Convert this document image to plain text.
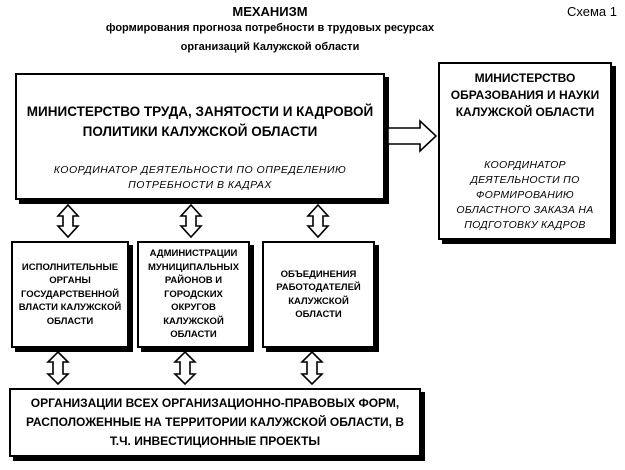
МЕХАНИЗМ
формирования прогноза потребности в трудовых ресурсах
организаций Калужской области
Схема 1
МИНИСТЕРСТВО ТРУДА, ЗАНЯТОСТИ И КАДРОВОЙ ПОЛИТИКИ КАЛУЖСКОЙ ОБЛАСТИ
КООРДИНАТОР ДЕЯТЕЛЬНОСТИ ПО ОПРЕДЕЛЕНИЮ ПОТРЕБНОСТИ В КАДРАХ
МИНИСТЕРСТВО ОБРАЗОВАНИЯ И НАУКИ КАЛУЖСКОЙ ОБЛАСТИ
КООРДИНАТОР ДЕЯТЕЛЬНОСТИ ПО ФОРМИРОВАНИЮ ОБЛАСТНОГО ЗАКАЗА НА ПОДГОТОВКУ КАДРОВ
ИСПОЛНИТЕЛЬНЫЕ ОРГАНЫ ГОСУДАРСТВЕННОЙ ВЛАСТИ КАЛУЖСКОЙ ОБЛАСТИ
АДМИНИСТРАЦИИ МУНИЦИПАЛЬНЫХ РАЙОНОВ И ГОРОДСКИХ ОКРУГОВ КАЛУЖСКОЙ ОБЛАСТИ
ОБЪЕДИНЕНИЯ РАБОТОДАТЕЛЕЙ КАЛУЖСКОЙ ОБЛАСТИ
ОРГАНИЗАЦИИ ВСЕХ ОРГАНИЗАЦИОННО-ПРАВОВЫХ ФОРМ, РАСПОЛОЖЕННЫЕ НА ТЕРРИТОРИИ КАЛУЖСКОЙ ОБЛАСТИ, В Т.Ч. ИНВЕСТИЦИОННЫЕ ПРОЕКТЫ
